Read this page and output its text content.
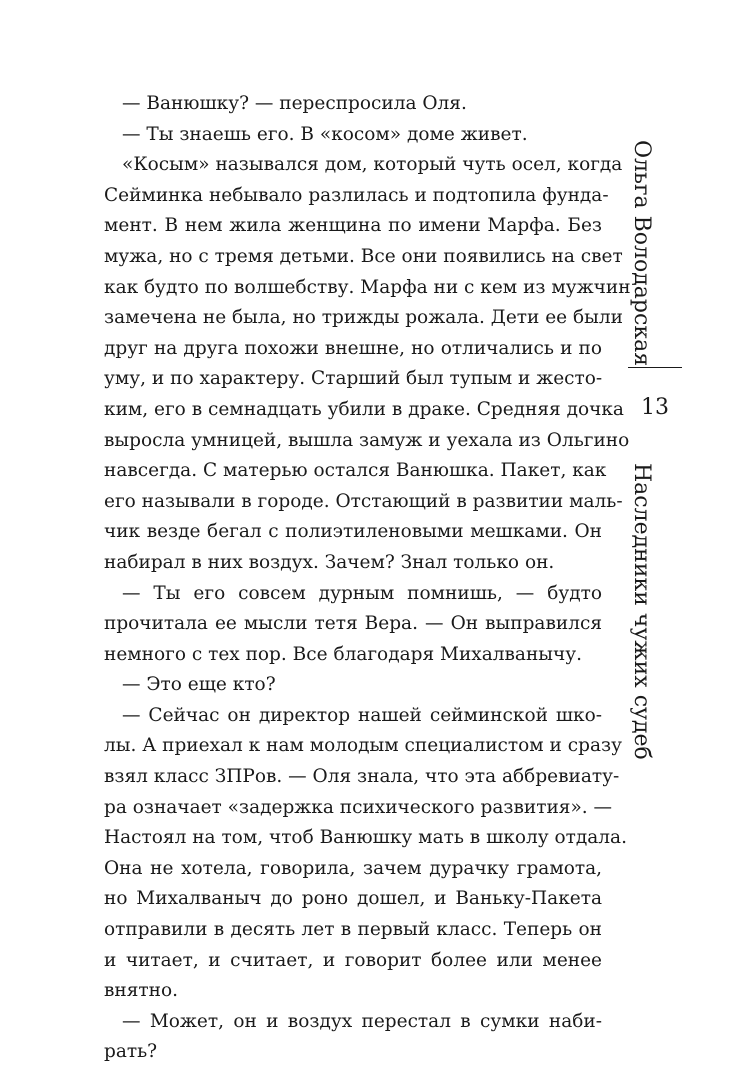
— Ванюшку? — переспросила Оля.
— Ты знаешь его. В «косом» доме живет.
«Косым» назывался дом, который чуть осел, когда
Сейминка небывало разлилась и подтопила фунда-
мент. В нем жила женщина по имени Марфа. Без
мужа, но с тремя детьми. Все они появились на свет
как будто по волшебству. Марфа ни с кем из мужчин
замечена не была, но трижды рожала. Дети ее были
друг на друга похожи внешне, но отличались и по
уму, и по характеру. Старший был тупым и жесто-
ким, его в семнадцать убили в драке. Средняя дочка
выросла умницей, вышла замуж и уехала из Ольгино
навсегда. С матерью остался Ванюшка. Пакет, как
его называли в городе. Отстающий в развитии маль-
чик везде бегал с полиэтиленовыми мешками. Он
набирал в них воздух. Зачем? Знал только он.
— Ты его совсем дурным помнишь, — будто
прочитала ее мысли тетя Вера. — Он выправился
немного с тех пор. Все благодаря Михалванычу.
— Это еще кто?
— Сейчас он директор нашей сейминской шко-
лы. А приехал к нам молодым специалистом и сразу
взял класс ЗПРов. — Оля знала, что эта аббревиату-
ра означает «задержка психического развития». —
Настоял на том, чтоб Ванюшку мать в школу отдала.
Она не хотела, говорила, зачем дурачку грамота,
но Михалваныч до роно дошел, и Ваньку-Пакета
отправили в десять лет в первый класс. Теперь он
и читает, и считает, и говорит более или менее
внятно.
— Может, он и воздух перестал в сумки наби-
рать?
Ольга Володарская
13
Наследники чужих судеб
